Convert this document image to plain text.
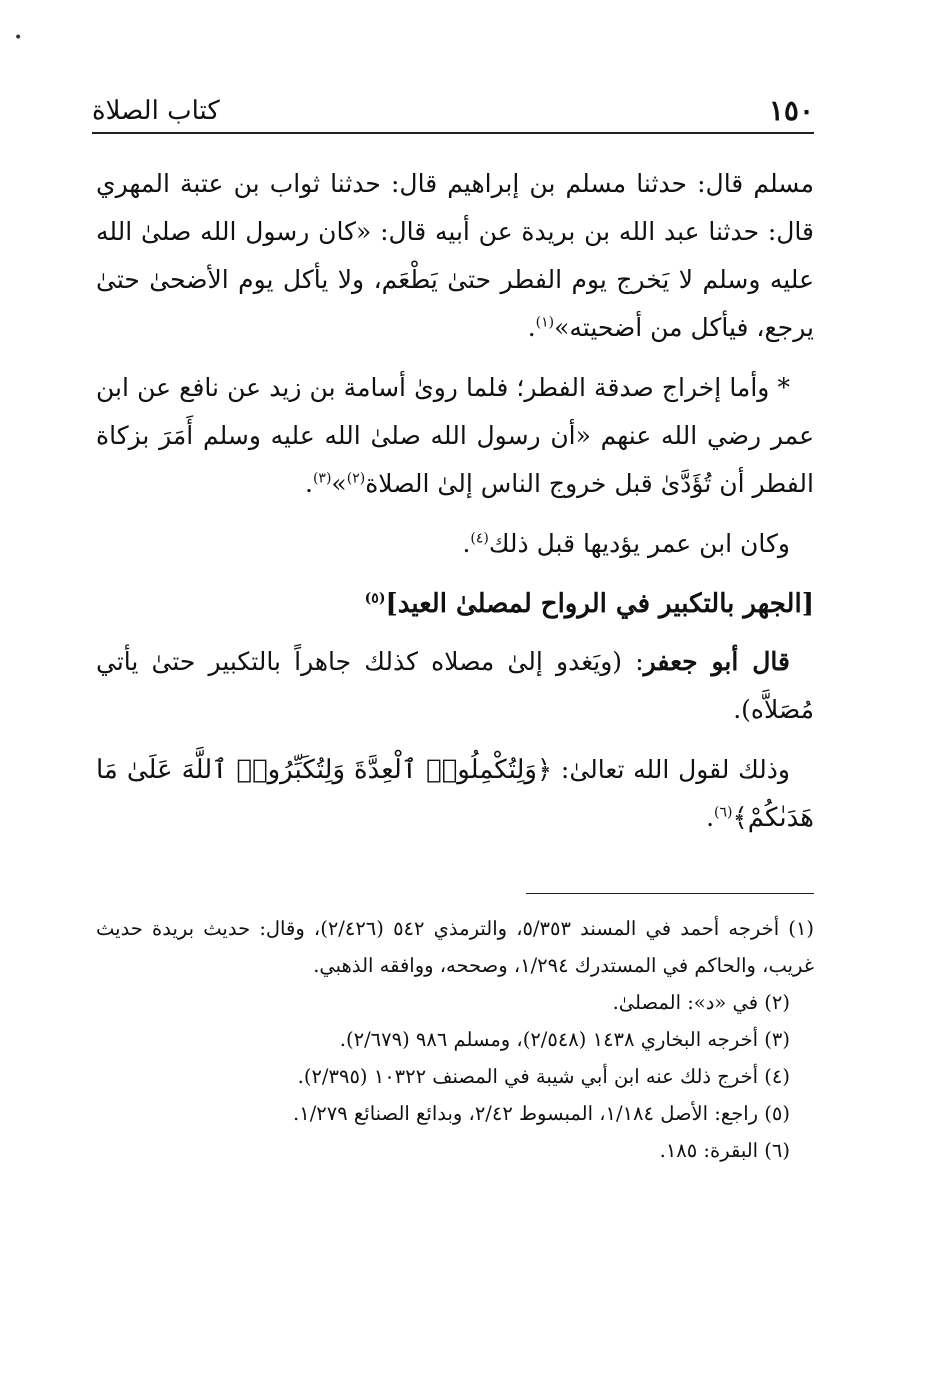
•
١٥٠
كتاب الصلاة

مسلم قال: حدثنا مسلم بن إبراهيم قال: حدثنا ثواب بن عتبة المهري قال: حدثنا عبد الله بن بريدة عن أبيه قال: «كان رسول الله صلىٰ الله عليه وسلم لا يَخرج يوم الفطر حتىٰ يَطْعَم، ولا يأكل يوم الأضحىٰ حتىٰ يرجع، فيأكل من أضحيته»$^{(١)}$.

* وأما إخراج صدقة الفطر؛ فلما روىٰ أسامة بن زيد عن نافع عن ابن عمر رضي الله عنهم «أن رسول الله صلىٰ الله عليه وسلم أَمَرَ بزكاة الفطر أن تُؤَدَّىٰ قبل خروج الناس إلىٰ الصلاة$^{(٢)}$»$^{(٣)}$.

وكان ابن عمر يؤديها قبل ذلك$^{(٤)}$.

[الجهر بالتكبير في الرواح لمصلىٰ العيد]$^{(٥)}$

قال أبو جعفر: (ويَغدو إلىٰ مصلاه كذلك جاهراً بالتكبير حتىٰ يأتي مُصَلاَّه).

وذلك لقول الله تعالىٰ: ﴿وَلِتُكْمِلُوا۟ ٱلْعِدَّةَ وَلِتُكَبِّرُوا۟ ٱللَّهَ عَلَىٰ مَا هَدَىٰكُمْ﴾$^{(٦)}$.

(١) أخرجه أحمد في المسند ٥/٣٥٣، والترمذي ٥٤٢ (٢/٤٢٦)، وقال: حديث بريدة حديث غريب، والحاكم في المستدرك ١/٢٩٤، وصححه، ووافقه الذهبي.

(٢) في «د»: المصلىٰ.

(٣) أخرجه البخاري ١٤٣٨ (٢/٥٤٨)، ومسلم ٩٨٦ (٢/٦٧٩).

(٤) أخرج ذلك عنه ابن أبي شيبة في المصنف ١٠٣٢٢ (٢/٣٩٥).

(٥) راجع: الأصل ١/١٨٤، المبسوط ٢/٤٢، وبدائع الصنائع ١/٢٧٩.

(٦) البقرة: ١٨٥.
